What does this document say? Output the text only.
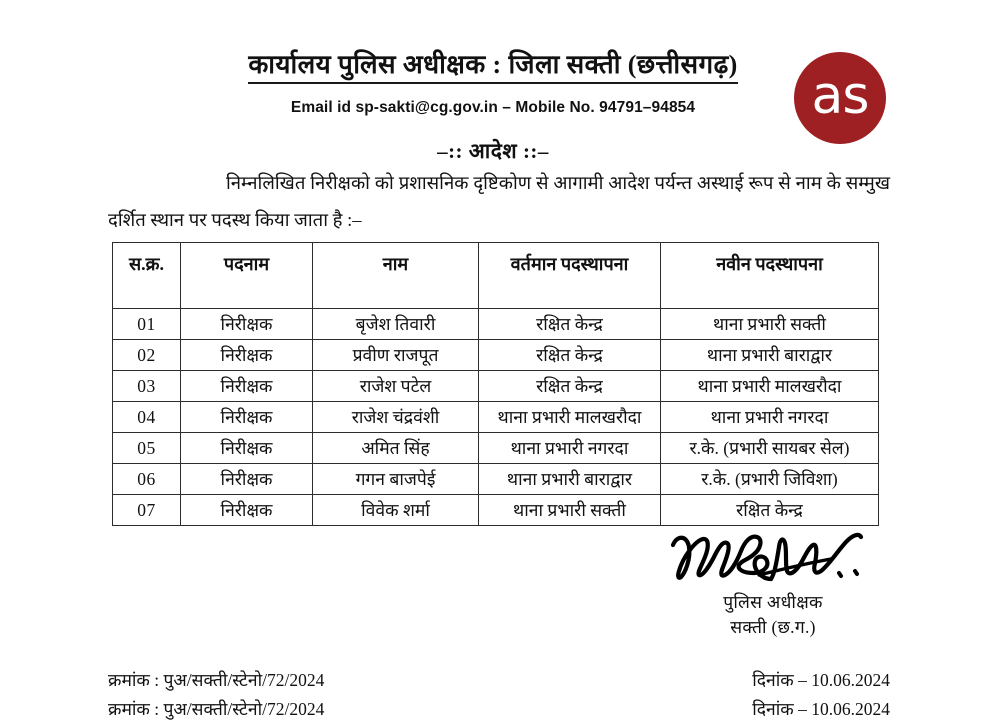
as
कार्यालय पुलिस अधीक्षक : जिला सक्ती (छत्तीसगढ़)
Email id sp-sakti@cg.gov.in – Mobile No. 94791–94854
–:: आदेश ::–
निम्नलिखित निरीक्षको को प्रशासनिक दृष्टिकोण से आगामी आदेश पर्यन्त अस्थाई रूप से नाम के सम्मुख दर्शित स्थान पर पदस्थ किया जाता है :–
स.क्र.	पदनाम	नाम	वर्तमान पदस्थापना	नवीन पदस्थापना
01	निरीक्षक	बृजेश तिवारी	रक्षित केन्द्र	थाना प्रभारी सक्ती
02	निरीक्षक	प्रवीण राजपूत	रक्षित केन्द्र	थाना प्रभारी बाराद्वार
03	निरीक्षक	राजेश पटेल	रक्षित केन्द्र	थाना प्रभारी मालखरौदा
04	निरीक्षक	राजेश चंद्रवंशी	थाना प्रभारी मालखरौदा	थाना प्रभारी नगरदा
05	निरीक्षक	अमित सिंह	थाना प्रभारी नगरदा	र.के. (प्रभारी सायबर सेल)
06	निरीक्षक	गगन बाजपेई	थाना प्रभारी बाराद्वार	र.के. (प्रभारी जिविशा)
07	निरीक्षक	विवेक शर्मा	थाना प्रभारी सक्ती	रक्षित केन्द्र
पुलिस अधीक्षक
सक्ती (छ.ग.)
क्रमांक : पुअ/सक्ती/स्टेनो/72/2024	दिनांक – 10.06.2024
क्रमांक : पुअ/सक्ती/स्टेनो/72/2024	दिनांक – 10.06.2024
